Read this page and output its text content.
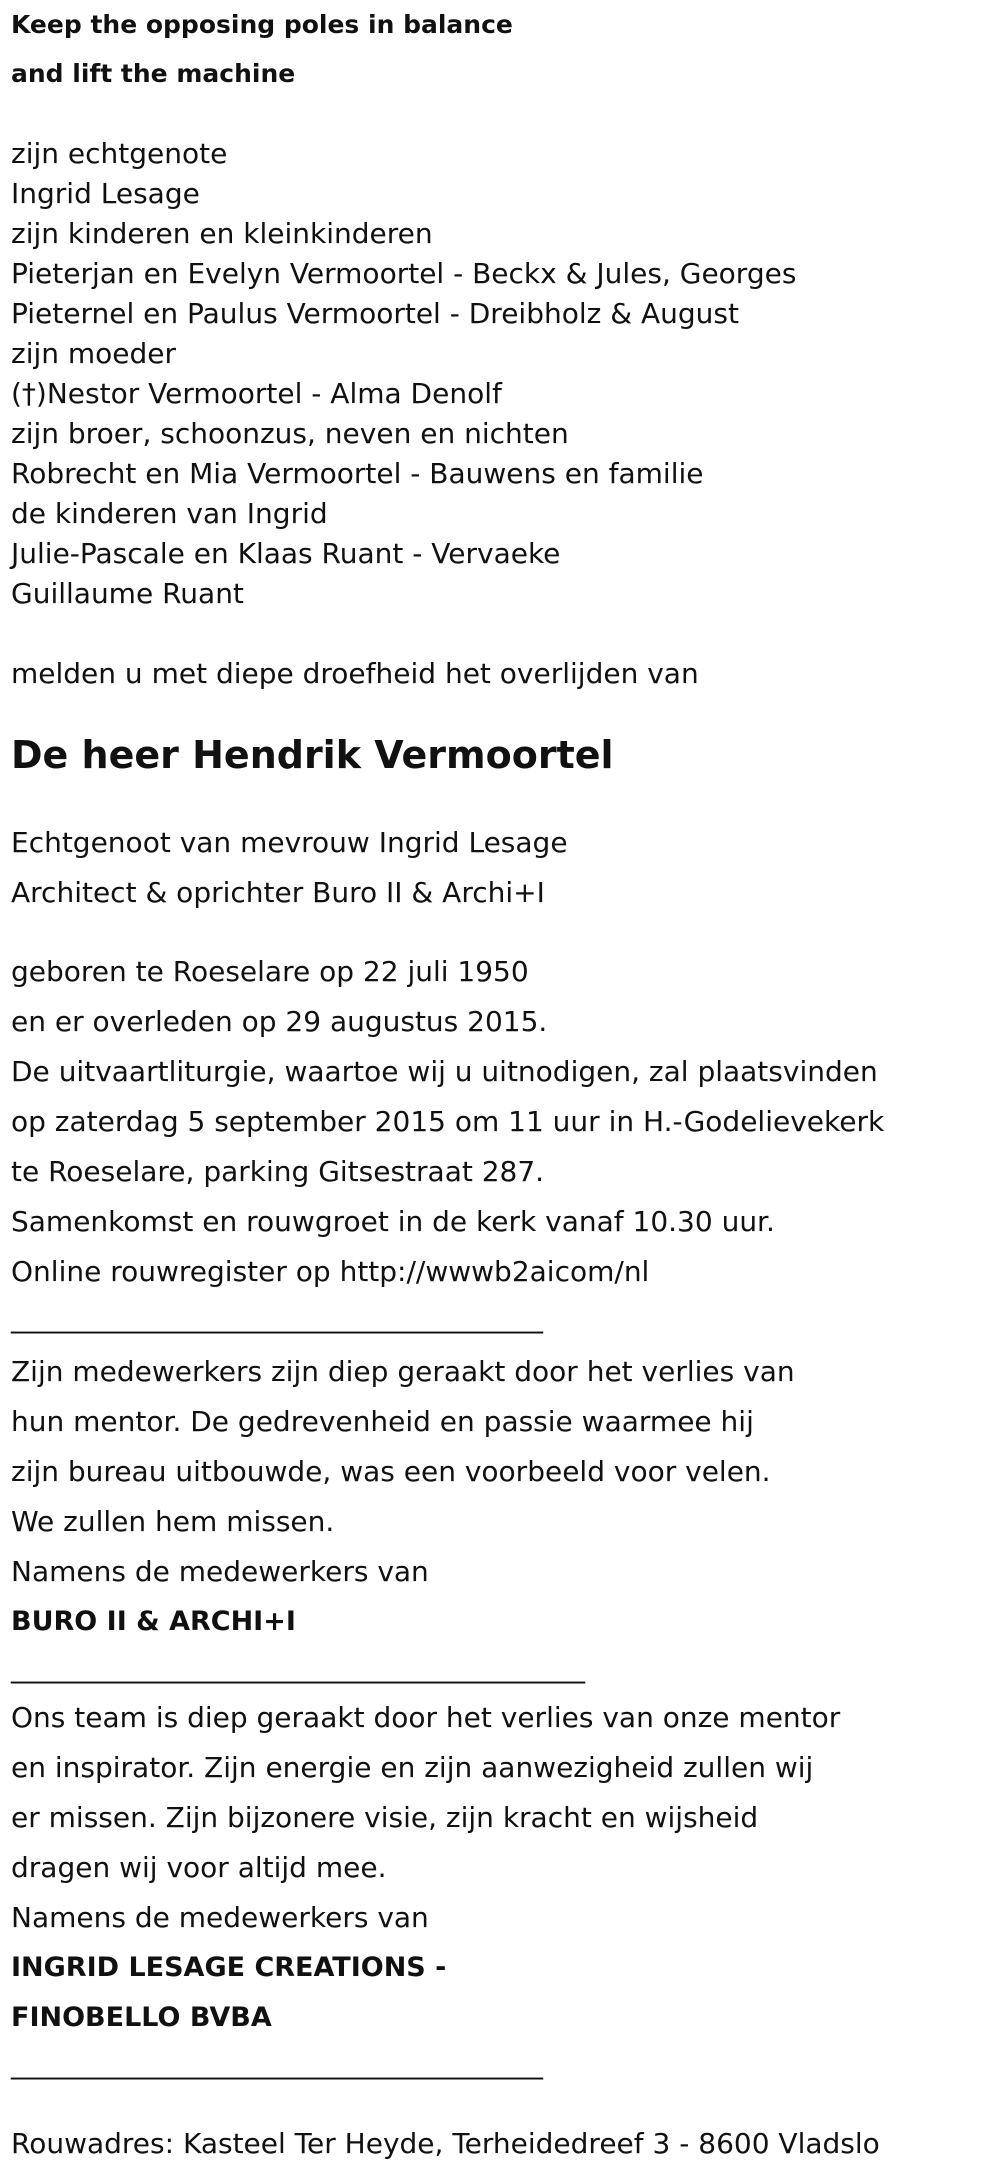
Keep the opposing poles in balance
and lift the machine
zijn echtgenote
Ingrid Lesage
zijn kinderen en kleinkinderen
Pieterjan en Evelyn Vermoortel - Beckx & Jules, Georges
Pieternel en Paulus Vermoortel - Dreibholz & August
zijn moeder
(†)Nestor Vermoortel - Alma Denolf
zijn broer, schoonzus, neven en nichten
Robrecht en Mia Vermoortel - Bauwens en familie
de kinderen van Ingrid
Julie-Pascale en Klaas Ruant - Vervaeke
Guillaume Ruant
melden u met diepe droefheid het overlijden van
De heer Hendrik Vermoortel
Echtgenoot van mevrouw Ingrid Lesage
Architect & oprichter Buro II & Archi+I
geboren te Roeselare op 22 juli 1950
en er overleden op 29 augustus 2015.
De uitvaartliturgie, waartoe wij u uitnodigen, zal plaatsvinden
op zaterdag 5 september 2015 om 11 uur in H.-Godelievekerk
te Roeselare, parking Gitsestraat 287.
Samenkomst en rouwgroet in de kerk vanaf 10.30 uur.
Online rouwregister op http://wwwb2aicom/nl
______________________________________
Zijn medewerkers zijn diep geraakt door het verlies van
hun mentor. De gedrevenheid en passie waarmee hij
zijn bureau uitbouwde, was een voorbeeld voor velen.
We zullen hem missen.
Namens de medewerkers van
BURO II & ARCHI+I
_________________________________________
Ons team is diep geraakt door het verlies van onze mentor
en inspirator. Zijn energie en zijn aanwezigheid zullen wij
er missen. Zijn bijzonere visie, zijn kracht en wijsheid
dragen wij voor altijd mee.
Namens de medewerkers van
INGRID LESAGE CREATIONS -
FINOBELLO BVBA
______________________________________
Rouwadres: Kasteel Ter Heyde, Terheidedreef 3 - 8600 Vladslo
